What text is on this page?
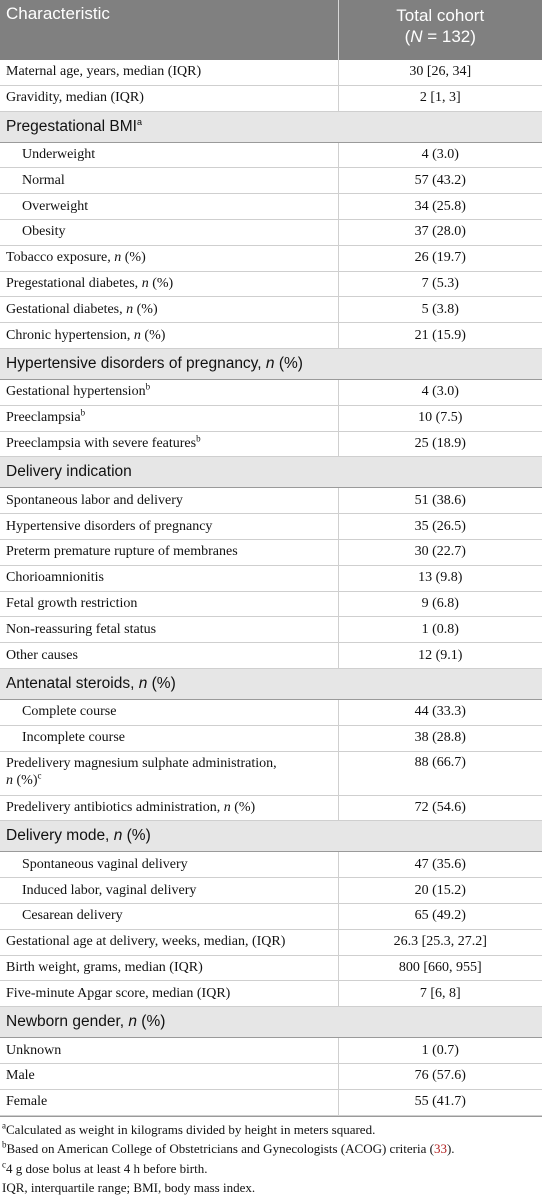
Characteristic	Total cohort
(N = 132)
Maternal age, years, median (IQR)	30 [26, 34]
Gravidity, median (IQR)	2 [1, 3]
Pregestational BMI$^a$
Underweight	4 (3.0)
Normal	57 (43.2)
Overweight	34 (25.8)
Obesity	37 (28.0)
Tobacco exposure, n (%)	26 (19.7)
Pregestational diabetes, n (%)	7 (5.3)
Gestational diabetes, n (%)	5 (3.8)
Chronic hypertension, n (%)	21 (15.9)
Hypertensive disorders of pregnancy, n (%)	
Gestational hypertension$^b$	4 (3.0)
Preeclampsia$^b$	10 (7.5)
Preeclampsia with severe features$^b$	25 (18.9)
Delivery indication	
Spontaneous labor and delivery	51 (38.6)
Hypertensive disorders of pregnancy	35 (26.5)
Preterm premature rupture of membranes	30 (22.7)
Chorioamnionitis	13 (9.8)
Fetal growth restriction	9 (6.8)
Non-reassuring fetal status	1 (0.8)
Other causes	12 (9.1)
Antenatal steroids, n (%)	
Complete course	44 (33.3)
Incomplete course	38 (28.8)
Predelivery magnesium sulphate administration,
n (%)$^c$	88 (66.7)
Predelivery antibiotics administration, n (%)	72 (54.6)
Delivery mode, n (%)	
Spontaneous vaginal delivery	47 (35.6)
Induced labor, vaginal delivery	20 (15.2)
Cesarean delivery	65 (49.2)
Gestational age at delivery, weeks, median, (IQR)	26.3 [25.3, 27.2]
Birth weight, grams, median (IQR)	800 [660, 955]
Five-minute Apgar score, median (IQR)	7 [6, 8]
Newborn gender, n (%)	
Unknown	1 (0.7)
Male	76 (57.6)
Female	55 (41.7)
$^a$Calculated as weight in kilograms divided by height in meters squared.
$^b$Based on American College of Obstetricians and Gynecologists (ACOG) criteria (33).
$^c$4 g dose bolus at least 4 h before birth.
IQR, interquartile range; BMI, body mass index.
